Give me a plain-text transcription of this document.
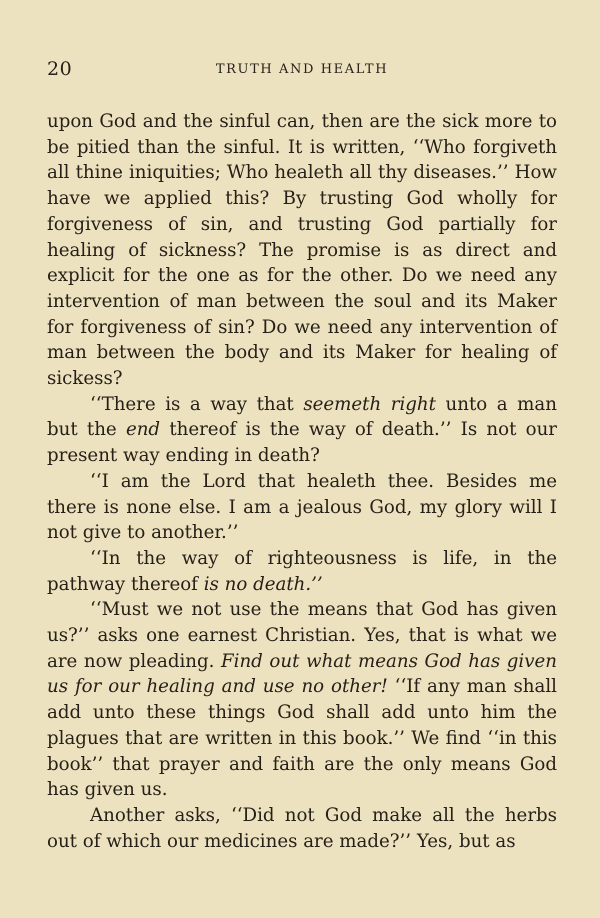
20	TRUTH AND HEALTH

upon God and the sinful can, then are the sick more to be pitied than the sinful. It is written, ‘‘Who forgiveth all thine iniquities; Who healeth all thy diseases.’’ How have we applied this? By trusting God wholly for forgiveness of sin, and trusting God partially for healing of sickness? The promise is as direct and explicit for the one as for the other. Do we need any intervention of man between the soul and its Maker for forgiveness of sin? Do we need any intervention of man between the body and its Maker for healing of sickess?

‘‘There is a way that seemeth right unto a man but the end thereof is the way of death.’’ Is not our present way ending in death?

‘‘I am the Lord that healeth thee. Besides me there is none else. I am a jealous God, my glory will I not give to another.’’

‘‘In the way of righteousness is life, in the pathway thereof is no death.’’

‘‘Must we not use the means that God has given us?’’ asks one earnest Christian. Yes, that is what we are now pleading. Find out what means God has given us for our healing and use no other! ‘‘If any man shall add unto these things God shall add unto him the plagues that are written in this book.’’ We find ‘‘in this book’’ that prayer and faith are the only means God has given us.

Another asks, ‘‘Did not God make all the herbs out of which our medicines are made?’’ Yes, but as
